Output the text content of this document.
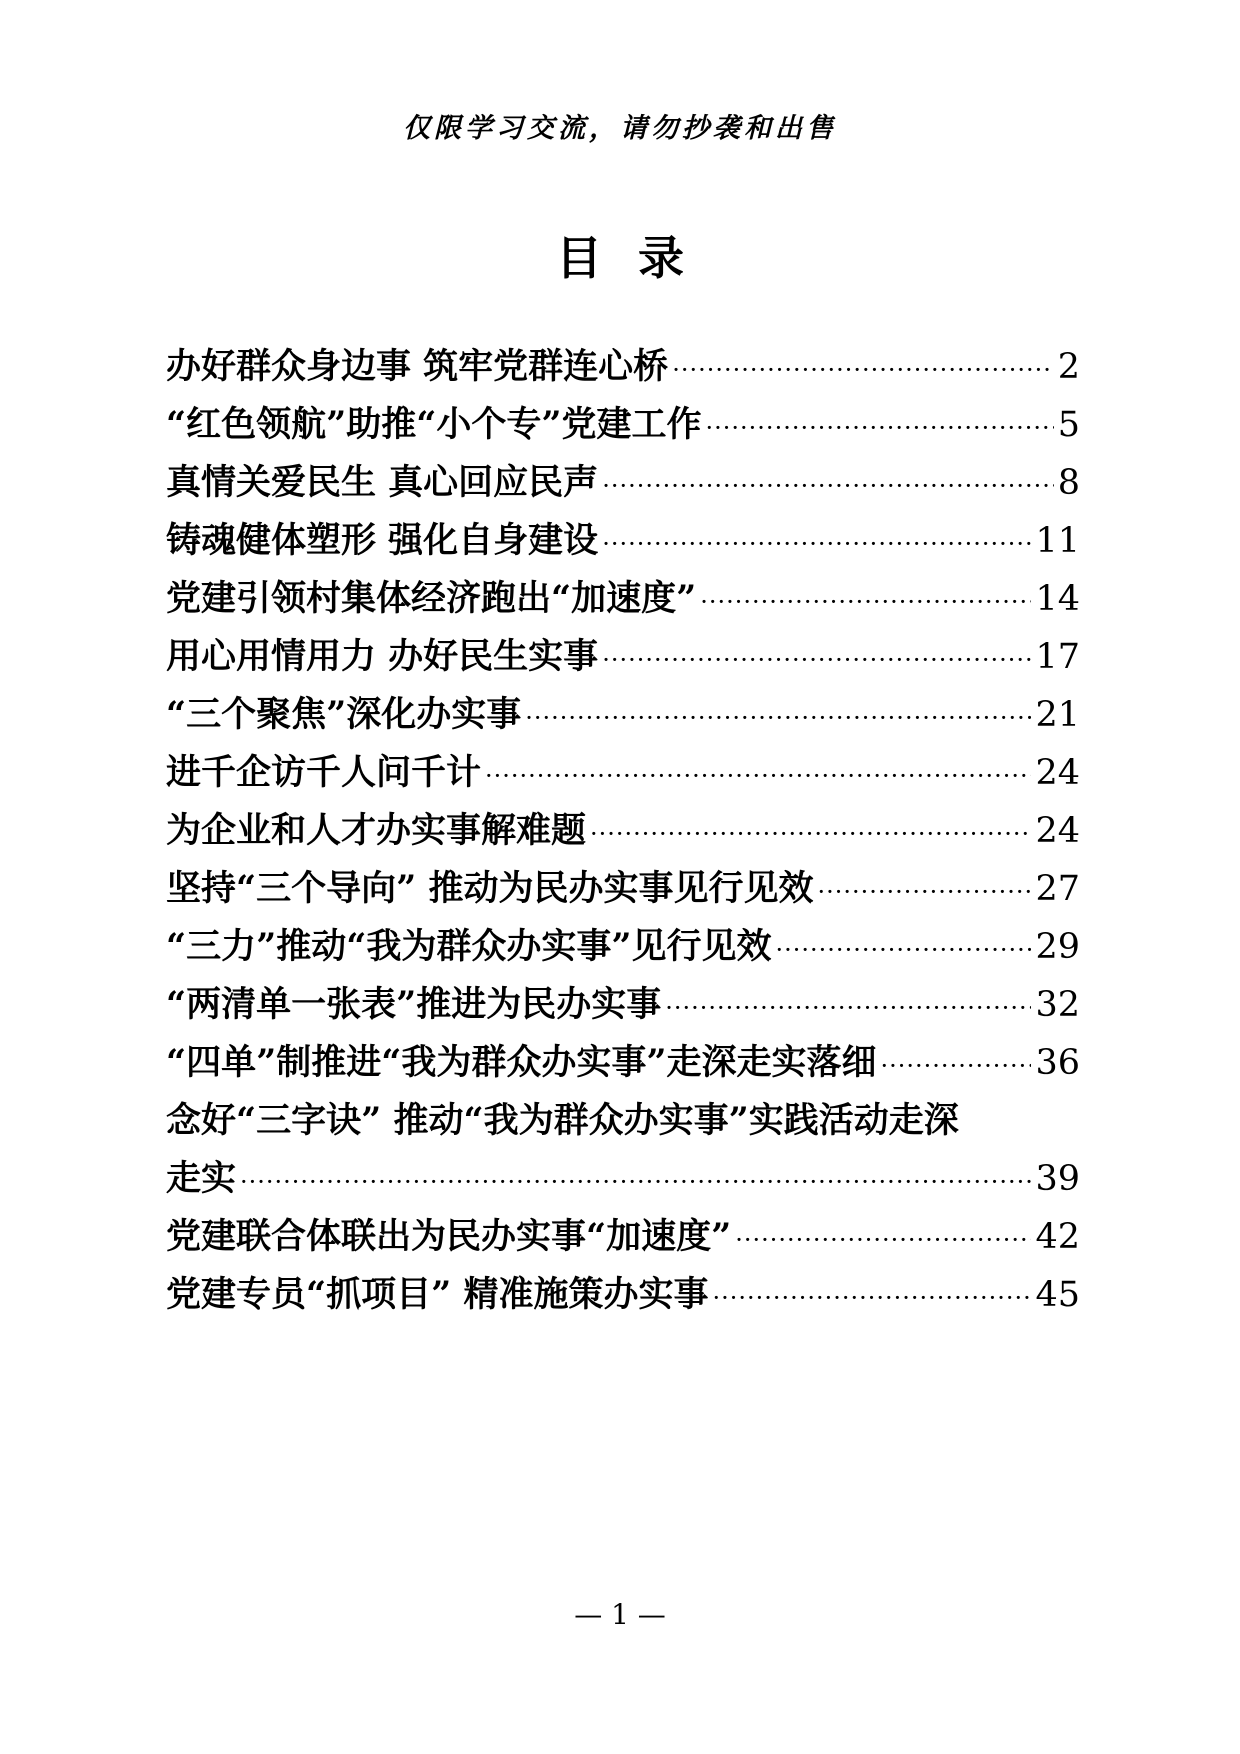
仅限学习交流，请勿抄袭和出售
目录
办好群众身边事 筑牢党群连心桥 ·····	2
“红色领航”助推“小个专”党建工作 ·····	5
真情关爱民生 真心回应民声 ·····	8
铸魂健体塑形 强化自身建设 ·····	11
党建引领村集体经济跑出“加速度” ·····	14
用心用情用力 办好民生实事 ·····	17
“三个聚焦”深化办实事 ·····	21
进千企访千人问千计 ·····	24
为企业和人才办实事解难题 ·····	24
坚持“三个导向” 推动为民办实事见行见效 ·····	27
“三力”推动“我为群众办实事”见行见效 ·····	29
“两清单一张表”推进为民办实事 ·····	32
“四单”制推进“我为群众办实事”走深走实落细 ·····	36
念好“三字诀” 推动“我为群众办实事”实践活动走深
走实 ·····	39
党建联合体联出为民办实事“加速度” ·····	42
党建专员“抓项目” 精准施策办实事 ·····	45
— 1 —
